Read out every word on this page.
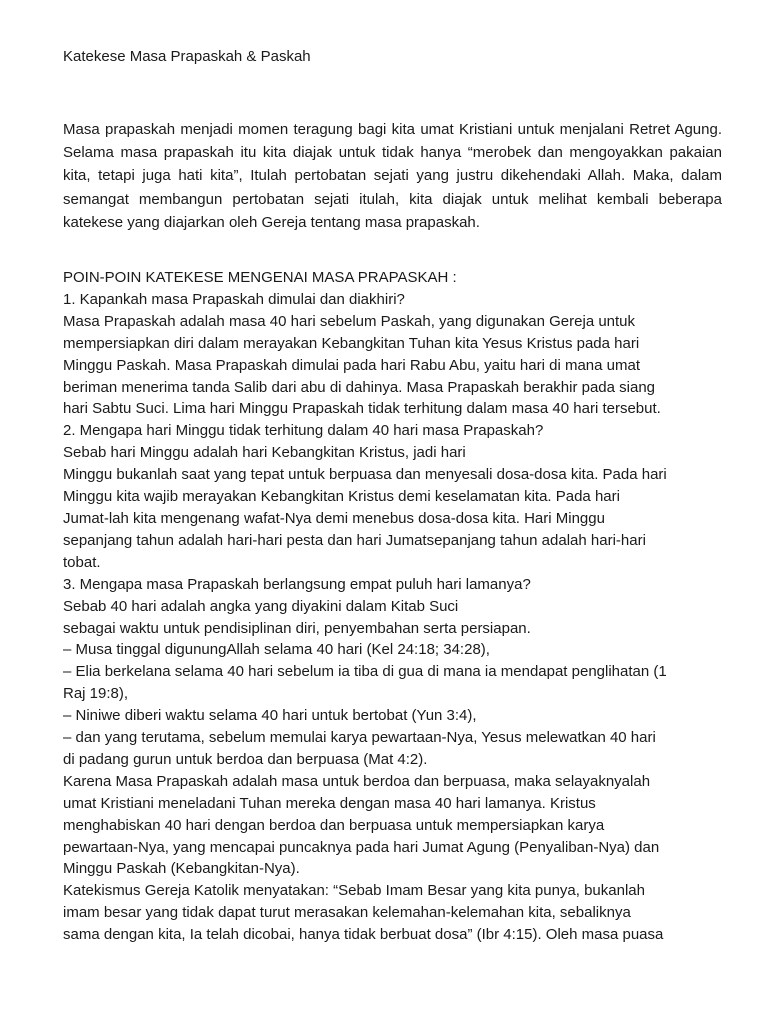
Katekese Masa Prapaskah & Paskah

Masa prapaskah menjadi momen teragung bagi kita umat Kristiani untuk menjalani Retret Agung. Selama masa prapaskah itu kita diajak untuk tidak hanya “merobek dan mengoyakkan pakaian kita, tetapi juga hati kita”, Itulah pertobatan sejati yang justru dikehendaki Allah. Maka, dalam semangat membangun pertobatan sejati itulah, kita diajak untuk melihat kembali beberapa katekese yang diajarkan oleh Gereja tentang masa prapaskah.

POIN-POIN KATEKESE MENGENAI MASA PRAPASKAH :
1. Kapankah masa Prapaskah dimulai dan diakhiri?
Masa Prapaskah adalah masa 40 hari sebelum Paskah, yang digunakan Gereja untuk
mempersiapkan diri dalam merayakan Kebangkitan Tuhan kita Yesus Kristus pada hari
Minggu Paskah. Masa Prapaskah dimulai pada hari Rabu Abu, yaitu hari di mana umat
beriman menerima tanda Salib dari abu di dahinya. Masa Prapaskah berakhir pada siang
hari Sabtu Suci. Lima hari Minggu Prapaskah tidak terhitung dalam masa 40 hari tersebut.
2. Mengapa hari Minggu tidak terhitung dalam 40 hari masa Prapaskah?
Sebab hari Minggu adalah hari Kebangkitan Kristus, jadi hari
Minggu bukanlah saat yang tepat untuk berpuasa dan menyesali dosa-dosa kita. Pada hari
Minggu kita wajib merayakan Kebangkitan Kristus demi keselamatan kita. Pada hari
Jumat-lah kita mengenang wafat-Nya demi menebus dosa-dosa kita. Hari Minggu
sepanjang tahun adalah hari-hari pesta dan hari Jumatsepanjang tahun adalah hari-hari
tobat.
3. Mengapa masa Prapaskah berlangsung empat puluh hari lamanya?
Sebab 40 hari adalah angka yang diyakini dalam Kitab Suci
sebagai waktu untuk pendisiplinan diri, penyembahan serta persiapan.
– Musa tinggal digunungAllah selama 40 hari (Kel 24:18; 34:28),
– Elia berkelana selama 40 hari sebelum ia tiba di gua di mana ia mendapat penglihatan (1
Raj 19:8),
– Niniwe diberi waktu selama 40 hari untuk bertobat (Yun 3:4),
– dan yang terutama, sebelum memulai karya pewartaan-Nya, Yesus melewatkan 40 hari
di padang gurun untuk berdoa dan berpuasa (Mat 4:2).
Karena Masa Prapaskah adalah masa untuk berdoa dan berpuasa, maka selayaknyalah
umat Kristiani meneladani Tuhan mereka dengan masa 40 hari lamanya. Kristus
menghabiskan 40 hari dengan berdoa dan berpuasa untuk mempersiapkan karya
pewartaan-Nya, yang mencapai puncaknya pada hari Jumat Agung (Penyaliban-Nya) dan
Minggu Paskah (Kebangkitan-Nya).
Katekismus Gereja Katolik menyatakan: “Sebab Imam Besar yang kita punya, bukanlah
imam besar yang tidak dapat turut merasakan kelemahan-kelemahan kita, sebaliknya
sama dengan kita, Ia telah dicobai, hanya tidak berbuat dosa” (Ibr 4:15). Oleh masa puasa
